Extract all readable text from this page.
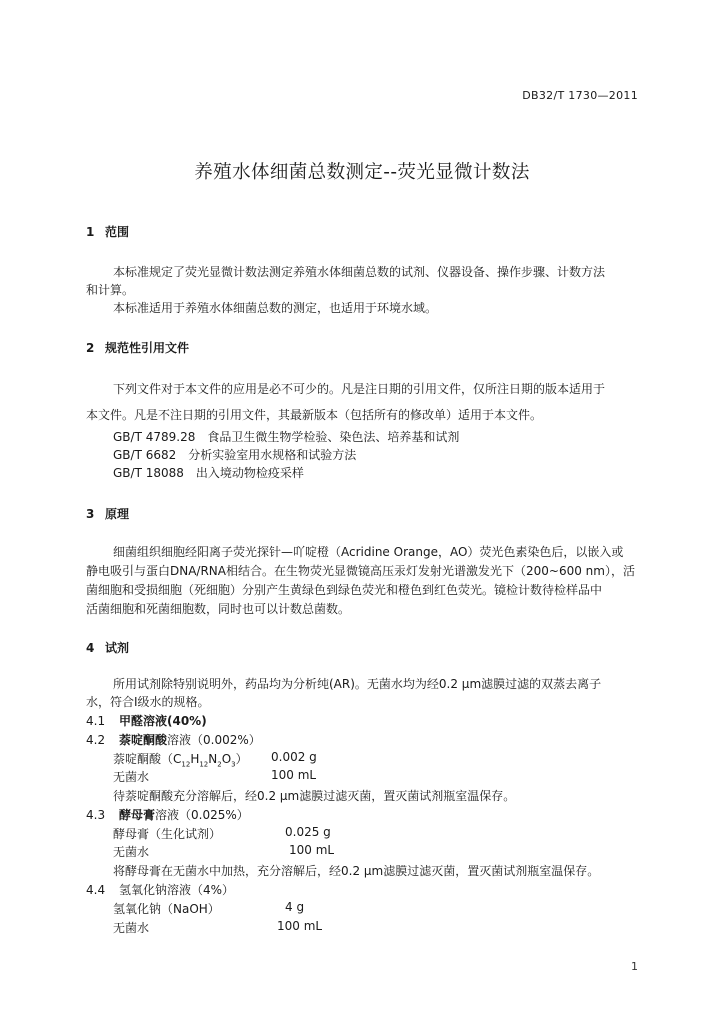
DB32/T 1730—2011
养殖水体细菌总数测定--荧光显微计数法
1 范围
本标准规定了荧光显微计数法测定养殖水体细菌总数的试剂、仪器设备、操作步骤、计数方法
和计算。
本标准适用于养殖水体细菌总数的测定，也适用于环境水域。
2 规范性引用文件
下列文件对于本文件的应用是必不可少的。凡是注日期的引用文件，仅所注日期的版本适用于
本文件。凡是不注日期的引用文件，其最新版本（包括所有的修改单）适用于本文件。
GB/T 4789.28　食品卫生微生物学检验、染色法、培养基和试剂
GB/T 6682　分析实验室用水规格和试验方法
GB/T 18088　出入境动物检疫采样
3 原理
细菌组织细胞经阳离子荧光探针—吖啶橙（Acridine Orange，AO）荧光色素染色后，以嵌入或
静电吸引与蛋白DNA/RNA相结合。在生物荧光显微镜高压汞灯发射光谱激发光下（200~600 nm），活
菌细胞和受损细胞（死细胞）分别产生黄绿色到绿色荧光和橙色到红色荧光。镜检计数待检样品中
活菌细胞和死菌细胞数，同时也可以计数总菌数。
4 试剂
所用试剂除特别说明外，药品均为分析纯(AR)。无菌水均为经0.2 μm滤膜过滤的双蒸去离子
水，符合Ⅰ级水的规格。
4.1 甲醛溶液(40%)
4.2 萘啶酮酸溶液（0.002%）
萘啶酮酸$(C_{12}H_{12}N_2O_3)$ 0.002 g
无菌水	100 mL
待萘啶酮酸充分溶解后，经0.2 μm滤膜过滤灭菌，置灭菌试剂瓶室温保存。
4.3 酵母膏溶液（0.025%）
酵母膏（生化试剂）	0.025 g
无菌水	100 mL
将酵母膏在无菌水中加热，充分溶解后，经0.2 μm滤膜过滤灭菌，置灭菌试剂瓶室温保存。
4.4 氢氧化钠溶液（4%）
氢氧化钠（NaOH）	4 g
无菌水	100 mL
1
